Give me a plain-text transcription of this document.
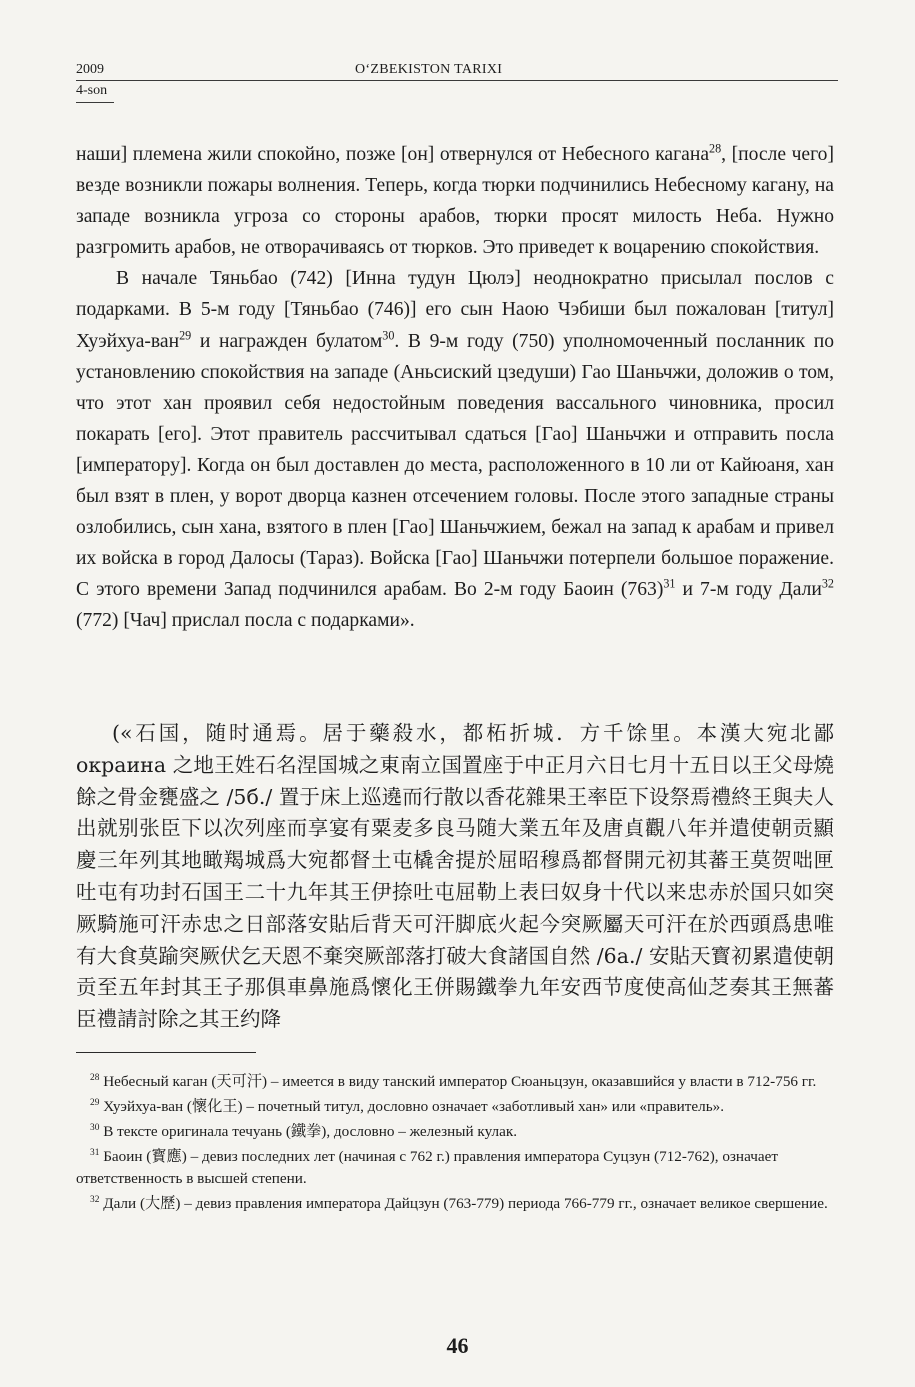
2009	O‘ZBEKISTON TARIXI
4-son

наши] племена жили спокойно, позже [он] отвернулся от Небесного кагана$^{28}$, [после чего] везде возникли пожары волнения. Теперь, когда тюрки подчинились Небесному кагану, на западе возникла угроза со стороны арабов, тюрки просят милость Неба. Нужно разгромить арабов, не отворачиваясь от тюрков. Это приведет к воцарению спокойствия.

В начале Тяньбао (742) [Инна тудун Цюлэ] неоднократно присылал послов с подарками. В 5-м году [Тяньбао (746)] его сын Наою Чэбиши был пожалован [титул] Хуэйхуа-ван$^{29}$ и награжден булатом$^{30}$. В 9-м году (750) уполномоченный посланник по установлению спокойствия на западе (Аньсиский цзедуши) Гао Шаньчжи, доложив о том, что этот хан проявил себя недостойным поведения вассального чиновника, просил покарать [его]. Этот правитель рассчитывал сдаться [Гао] Шаньчжи и отправить посла [императору]. Когда он был доставлен до места, расположенного в 10 ли от Кайюаня, хан был взят в плен, у ворот дворца казнен отсечением головы. После этого западные страны озлобились, сын хана, взятого в плен [Гао] Шаньчжием, бежал на запад к арабам и привел их войска в город Далосы (Тараз). Войска [Гао] Шаньчжи потерпели большое поражение. С этого времени Запад подчинился арабам. Во 2-м году Баоин $(763)^{31}$ и 7-м году Дали$^{32}$ (772) [Чач] прислал посла с подарками».

(«石国，随时通焉。居于藥殺水，都柘折城．方千馀里。本漢大宛北鄙 окраина 之地王姓石名涅国城之東南立国置座于中正月六日七月十五日以王父母燒餘之骨金甕盛之 /5б./ 置于床上巡遶而行散以香花雜果王率臣下设祭焉禮終王與夫人出就别张臣下以次列座而享宴有粟麦多良马随大業五年及唐貞觀八年并遣使朝贡顯慶三年列其地瞰羯城爲大宛都督土屯橇舍提於屈昭穆爲都督開元初其蕃王莫贺咄匣吐屯有功封石国王二十九年其王伊捺吐屯屈勒上表曰奴身十代以来忠赤於国只如突厥騎施可汗赤忠之日部落安貼后背天可汗脚底火起今突厥屬天可汗在於西頭爲患唯有大食莫踰突厥伏乞天恩不棄突厥部落打破大食諸国自然 /6а./ 安貼天寳初累遣使朝贡至五年封其王子那俱車鼻施爲懷化王併賜鐵拳九年安西节度使高仙芝奏其王無蕃臣禮請討除之其王约降

$^{28}$ Небесный каган (天可汗) – имеется в виду танский император Сюаньцзун, оказавшийся у власти в 712-756 гг.

$^{29}$ Хуэйхуа-ван (懷化王) – почетный титул, дословно означает «заботливый хан» или «правитель».

$^{30}$ В тексте оригинала течуань (鐵拳), дословно – железный кулак.

$^{31}$ Баоин (寳應) – девиз последних лет (начиная с 762 г.) правления императора Суцзун (712-762), означает ответственность в высшей степени.

$^{32}$ Дали (大歷) – девиз правления императора Дайцзун (763-779) периода 766-779 гг., означает великое свершение.

46
